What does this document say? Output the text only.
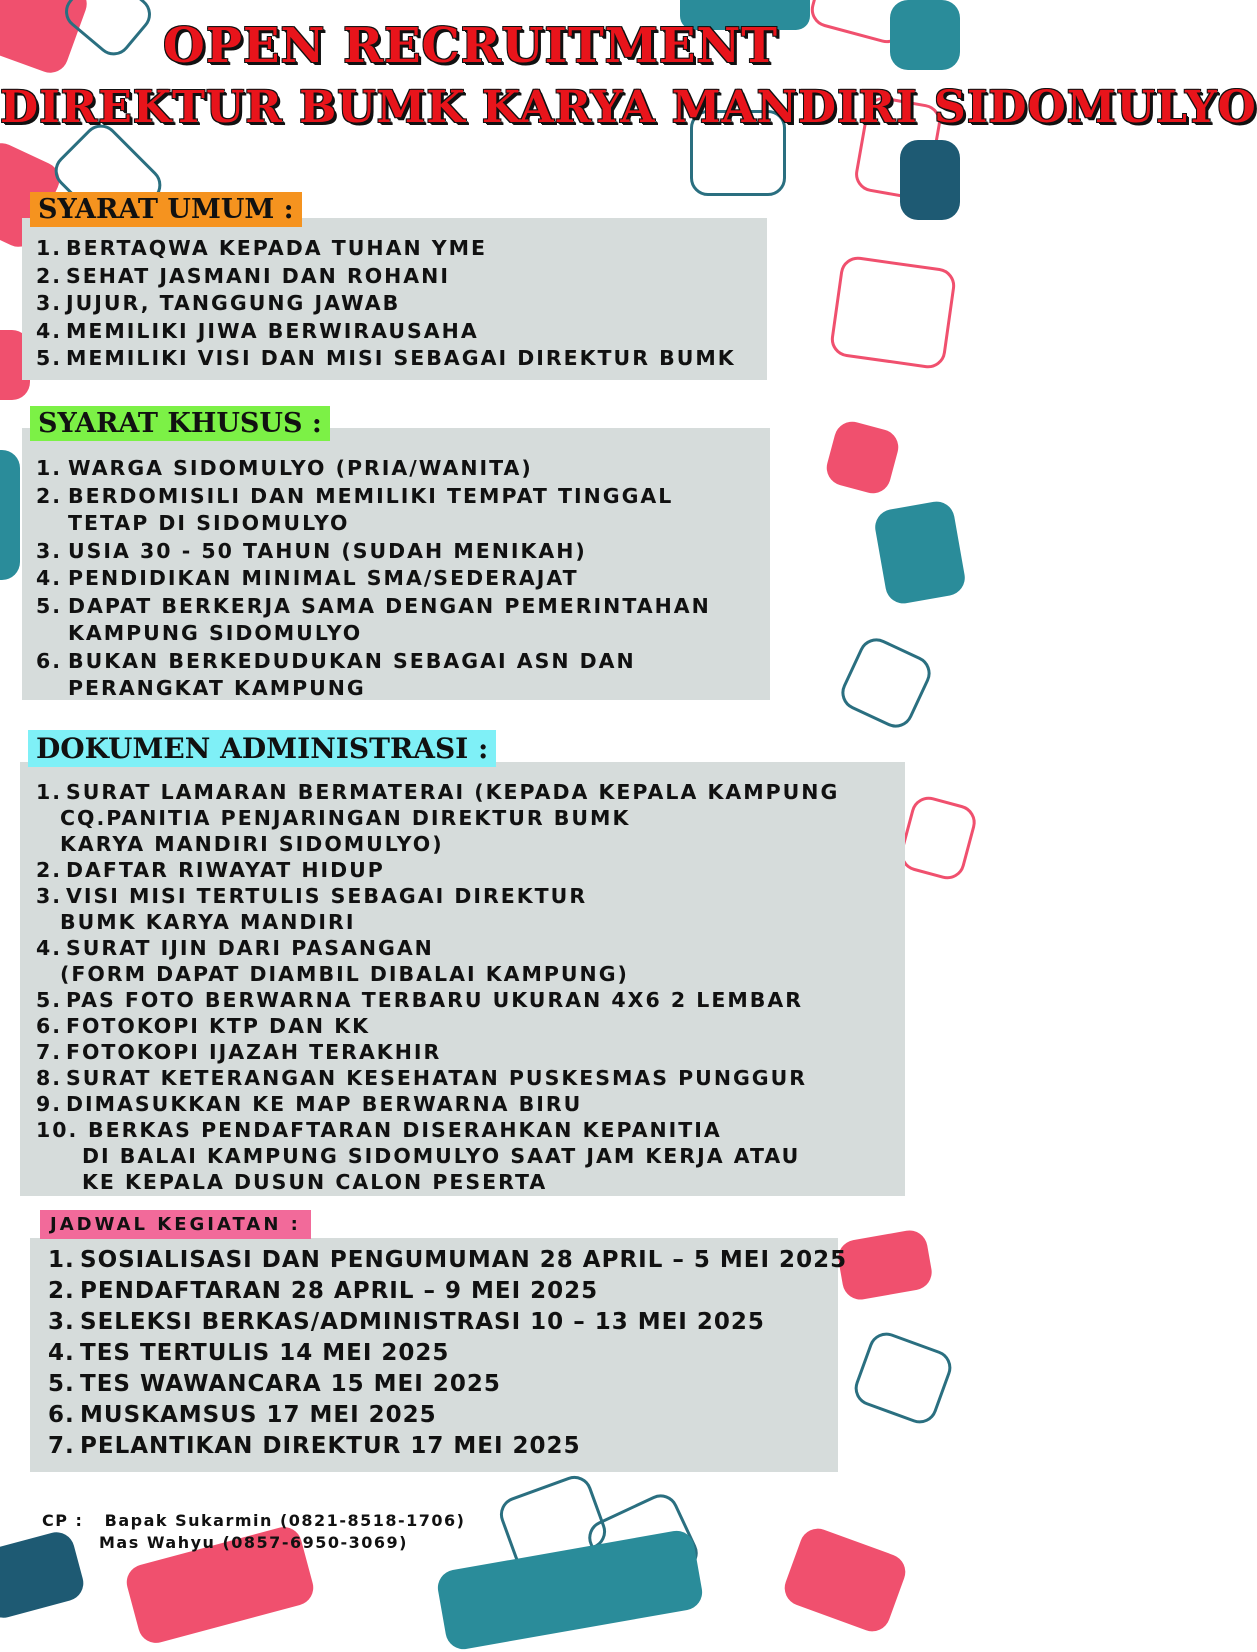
OPEN RECRUITMENT
DIREKTUR BUMK KARYA MANDIRI SIDOMULYO
SYARAT UMUM :
1. BERTAQWA KEPADA TUHAN YME
2. SEHAT JASMANI DAN ROHANI
3. JUJUR, TANGGUNG JAWAB
4. MEMILIKI JIWA BERWIRAUSAHA
5. MEMILIKI VISI DAN MISI SEBAGAI DIREKTUR BUMK
SYARAT KHUSUS :
1. WARGA SIDOMULYO (PRIA/WANITA)
2. BERDOMISILI DAN MEMILIKI TEMPAT TINGGAL
TETAP DI SIDOMULYO
3. USIA 30 - 50 TAHUN (SUDAH MENIKAH)
4. PENDIDIKAN MINIMAL SMA/SEDERAJAT
5. DAPAT BERKERJA SAMA DENGAN PEMERINTAHAN
KAMPUNG SIDOMULYO
6. BUKAN BERKEDUDUKAN SEBAGAI ASN DAN
PERANGKAT KAMPUNG
DOKUMEN ADMINISTRASI :
1. SURAT LAMARAN BERMATERAI (KEPADA KEPALA KAMPUNG
CQ.PANITIA PENJARINGAN DIREKTUR BUMK
KARYA MANDIRI SIDOMULYO)
2. DAFTAR RIWAYAT HIDUP
3. VISI MISI TERTULIS SEBAGAI DIREKTUR
BUMK KARYA MANDIRI
4. SURAT IJIN DARI PASANGAN
(FORM DAPAT DIAMBIL DIBALAI KAMPUNG)
5. PAS FOTO BERWARNA TERBARU UKURAN 4X6 2 LEMBAR
6. FOTOKOPI KTP DAN KK
7. FOTOKOPI IJAZAH TERAKHIR
8. SURAT KETERANGAN KESEHATAN PUSKESMAS PUNGGUR
9. DIMASUKKAN KE MAP BERWARNA BIRU
10. BERKAS PENDAFTARAN DISERAHKAN KEPANITIA
DI BALAI KAMPUNG SIDOMULYO SAAT JAM KERJA ATAU
KE KEPALA DUSUN CALON PESERTA
JADWAL KEGIATAN :
1. SOSIALISASI DAN PENGUMUMAN 28 APRIL – 5 MEI 2025
2. PENDAFTARAN 28 APRIL – 9 MEI 2025
3. SELEKSI BERKAS/ADMINISTRASI 10 – 13 MEI 2025
4. TES TERTULIS 14 MEI 2025
5. TES WAWANCARA 15 MEI 2025
6. MUSKAMSUS 17 MEI 2025
7. PELANTIKAN DIREKTUR 17 MEI 2025
CP : Bapak Sukarmin (0821-8518-1706)
Mas Wahyu (0857-6950-3069)
